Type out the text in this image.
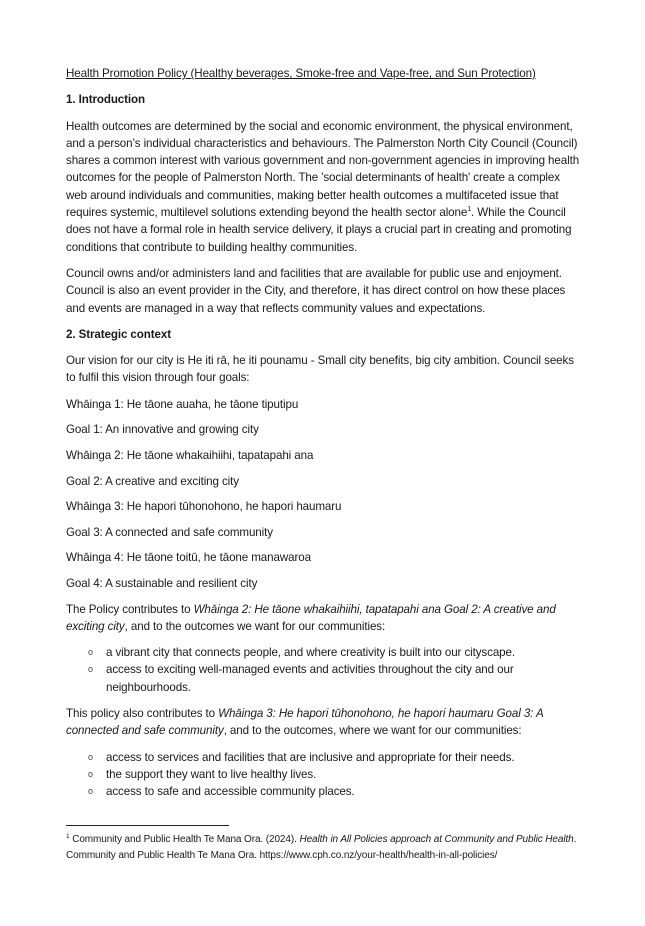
Health Promotion Policy (Healthy beverages, Smoke-free and Vape-free, and Sun Protection)

1. Introduction

Health outcomes are determined by the social and economic environment, the physical environment, and a person’s individual characteristics and behaviours. The Palmerston North City Council (Council) shares a common interest with various government and non-government agencies in improving health outcomes for the people of Palmerston North. The 'social determinants of health' create a complex web around individuals and communities, making better health outcomes a multifaceted issue that requires systemic, multilevel solutions extending beyond the health sector alone$^1$. While the Council does not have a formal role in health service delivery, it plays a crucial part in creating and promoting conditions that contribute to building healthy communities.

Council owns and/or administers land and facilities that are available for public use and enjoyment. Council is also an event provider in the City, and therefore, it has direct control on how these places and events are managed in a way that reflects community values and expectations.

2. Strategic context

Our vision for our city is He iti rā, he iti pounamu - Small city benefits, big city ambition. Council seeks to fulfil this vision through four goals:

Whāinga 1: He tāone auaha, he tāone tiputipu

Goal 1: An innovative and growing city

Whāinga 2: He tāone whakaihiihi, tapatapahi ana

Goal 2: A creative and exciting city

Whāinga 3: He hapori tūhonohono, he hapori haumaru

Goal 3: A connected and safe community

Whāinga 4: He tāone toitū, he tāone manawaroa

Goal 4: A sustainable and resilient city

The Policy contributes to Whāinga 2: He tāone whakaihiihi, tapatapahi ana Goal 2: A creative and exciting city, and to the outcomes we want for our communities:

o a vibrant city that connects people, and where creativity is built into our cityscape.
o access to exciting well-managed events and activities throughout the city and our neighbourhoods.

This policy also contributes to Whāinga 3: He hapori tūhonohono, he hapori haumaru Goal 3: A connected and safe community, and to the outcomes, where we want for our communities:

o access to services and facilities that are inclusive and appropriate for their needs.
o the support they want to live healthy lives.
o access to safe and accessible community places.
$^1$ Community and Public Health Te Mana Ora. (2024). Health in All Policies approach at Community and Public Health. Community and Public Health Te Mana Ora. https://www.cph.co.nz/your-health/health-in-all-policies/
